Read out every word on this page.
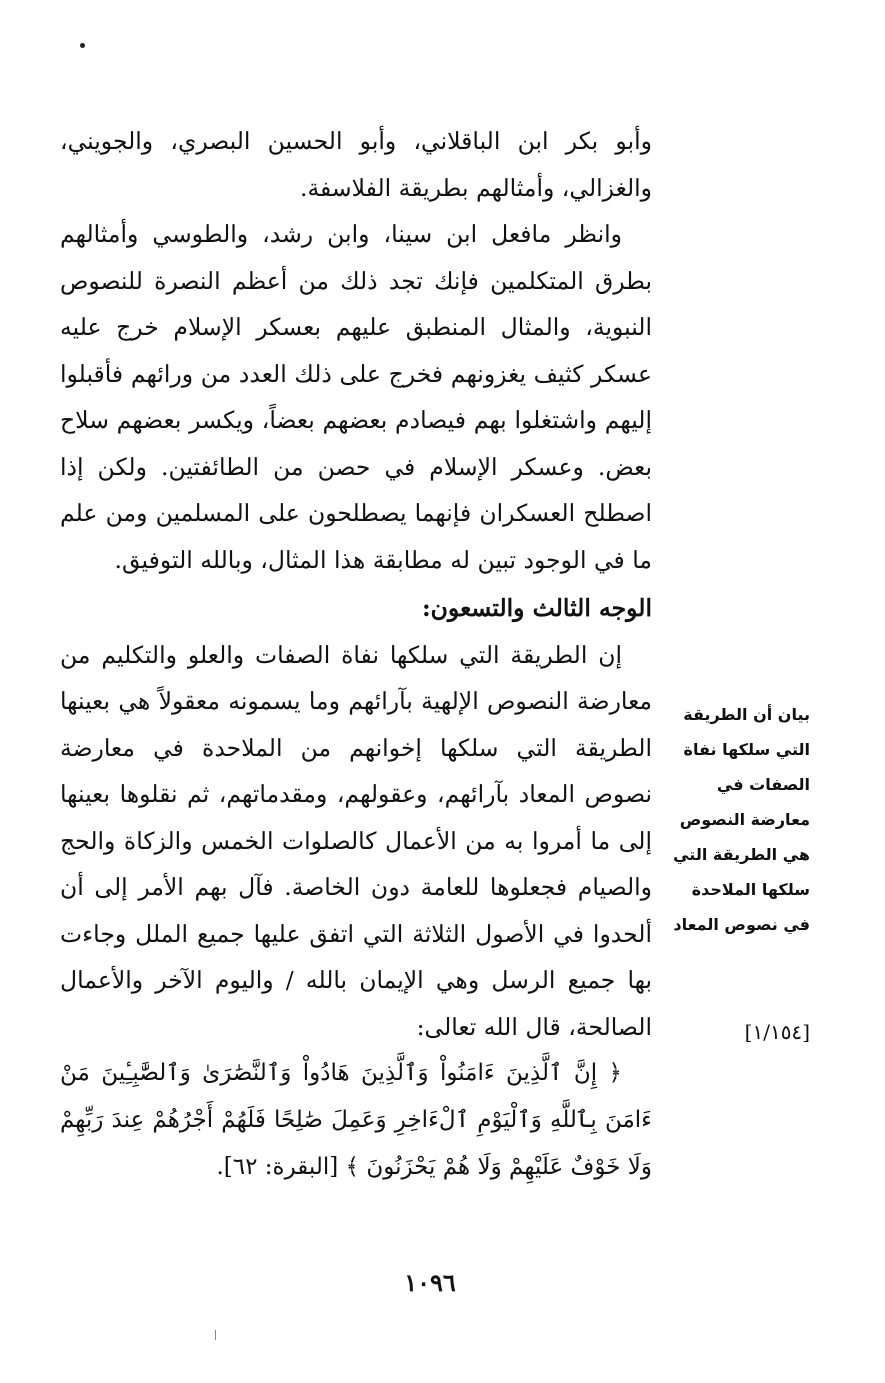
وأبو بكر ابن الباقلاني، وأبو الحسين البصري، والجويني، والغزالي، وأمثالهم بطريقة الفلاسفة.

وانظر مافعل ابن سينا، وابن رشد، والطوسي وأمثالهم بطرق المتكلمين فإنك تجد ذلك من أعظم النصرة للنصوص النبوية، والمثال المنطبق عليهم بعسكر الإسلام خرج عليه عسكر كثيف يغزونهم فخرج على ذلك العدد من ورائهم فأقبلوا إليهم واشتغلوا بهم فيصادم بعضهم بعضاً، ويكسر بعضهم سلاح بعض. وعسكر الإسلام في حصن من الطائفتين. ولكن إذا اصطلح العسكران فإنهما يصطلحون على المسلمين ومن علم ما في الوجود تبين له مطابقة هذا المثال، وبالله التوفيق.

الوجه الثالث والتسعون:

إن الطريقة التي سلكها نفاة الصفات والعلو والتكليم من معارضة النصوص الإلهية بآرائهم وما يسمونه معقولاً هي بعينها الطريقة التي سلكها إخوانهم من الملاحدة في معارضة نصوص المعاد بآرائهم، وعقولهم، ومقدماتهم، ثم نقلوها بعينها إلى ما أمروا به من الأعمال كالصلوات الخمس والزكاة والحج والصيام فجعلوها للعامة دون الخاصة. فآل بهم الأمر إلى أن ألحدوا في الأصول الثلاثة التي اتفق عليها جميع الملل وجاءت بها جميع الرسل وهي الإيمان بالله / واليوم الآخر والأعمال الصالحة، قال الله تعالى:

﴿ إِنَّ ٱلَّذِينَ ءَامَنُواْ وَٱلَّذِينَ هَادُواْ وَٱلنَّصَٰرَىٰ وَٱلصَّٰبِـِٔينَ مَنْ ءَامَنَ بِٱللَّهِ وَٱلْيَوْمِ ٱلْءَاخِرِ وَعَمِلَ صَٰلِحًا فَلَهُمْ أَجْرُهُمْ عِندَ رَبِّهِمْ وَلَا خَوْفٌ عَلَيْهِمْ وَلَا هُمْ يَحْزَنُونَ ﴾ [البقرة: ٦٢].

بيان أن الطريقة التي سلكها نفاة الصفات في معارضة النصوص هي الطريقة التي سلكها الملاحدة في نصوص المعاد
[١/١٥٤]
١٠٩٦
